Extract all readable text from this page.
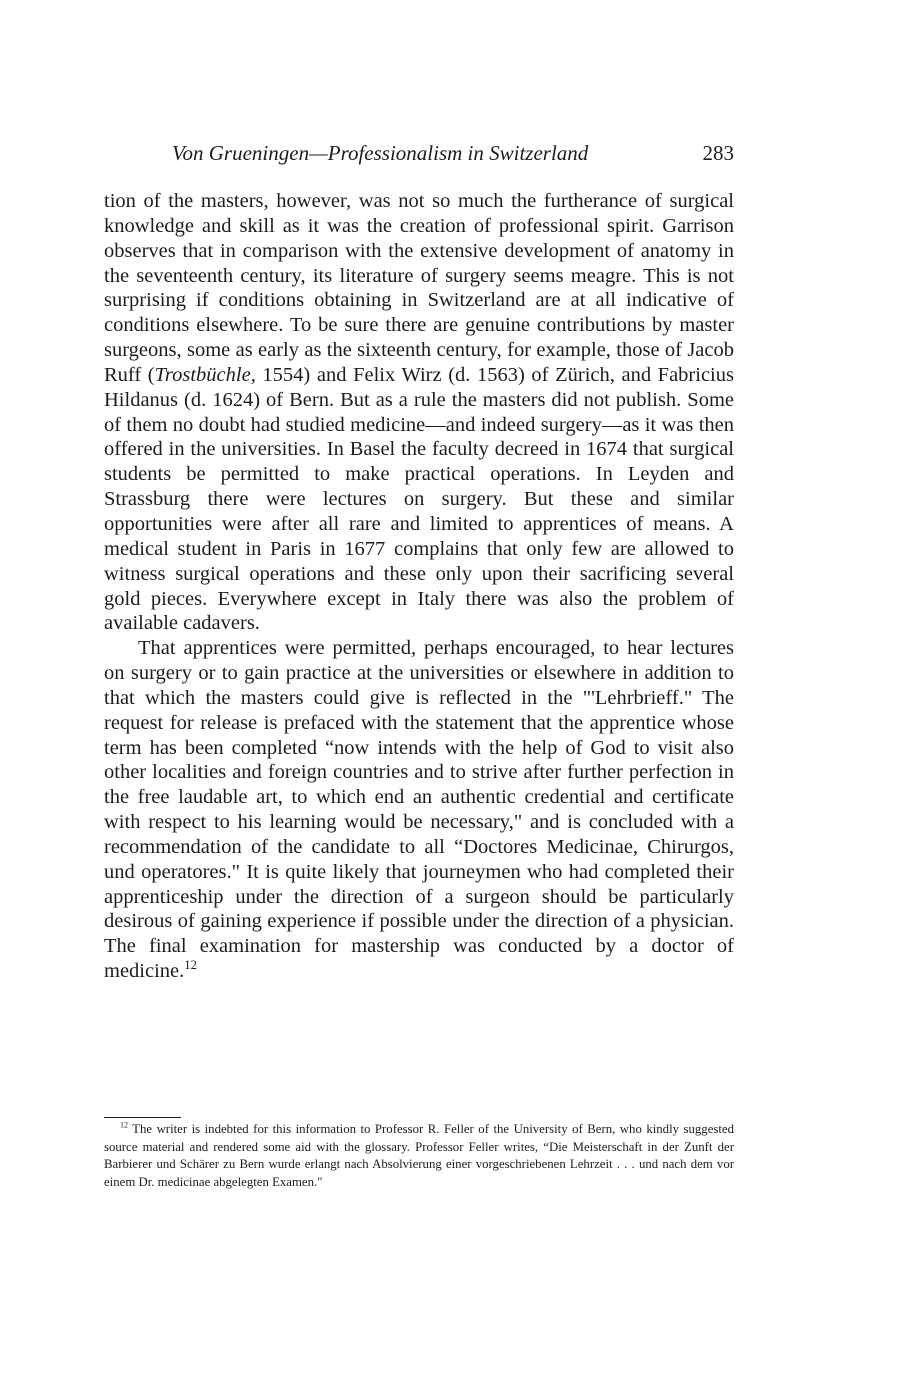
Von Grueningen—Professionalism in Switzerland	283

tion of the masters, however, was not so much the furtherance of surgical knowledge and skill as it was the creation of professional spirit. Garrison observes that in comparison with the extensive development of anatomy in the seventeenth century, its literature of surgery seems meagre. This is not surprising if conditions obtaining in Switzerland are at all indicative of conditions elsewhere. To be sure there are genuine contributions by master surgeons, some as early as the sixteenth century, for example, those of Jacob Ruff (Trostbüchle, 1554) and Felix Wirz (d. 1563) of Zürich, and Fabricius Hildanus (d. 1624) of Bern. But as a rule the masters did not publish. Some of them no doubt had studied medicine—and indeed surgery—as it was then offered in the universities. In Basel the faculty decreed in 1674 that surgical students be permitted to make practical operations. In Leyden and Strassburg there were lectures on surgery. But these and similar opportunities were after all rare and limited to apprentices of means. A medical student in Paris in 1677 complains that only few are allowed to witness surgical operations and these only upon their sacrificing several gold pieces. Everywhere except in Italy there was also the problem of available cadavers.

That apprentices were permitted, perhaps encouraged, to hear lectures on surgery or to gain practice at the universities or elsewhere in addition to that which the masters could give is reflected in the "'Lehrbrieff." The request for release is prefaced with the statement that the apprentice whose term has been completed “now intends with the help of God to visit also other localities and foreign countries and to strive after further perfection in the free laudable art, to which end an authentic credential and certificate with respect to his learning would be necessary," and is concluded with a recommendation of the candidate to all “Doctores Medicinae, Chirurgos, und operatores." It is quite likely that journeymen who had completed their apprenticeship under the direction of a surgeon should be particularly desirous of gaining experience if possible under the direction of a physician. The final examination for mastership was conducted by a doctor of medicine.$^{12}$

$^{12}$ The writer is indebted for this information to Professor R. Feller of the University of Bern, who kindly suggested source material and rendered some aid with the glossary. Professor Feller writes, “Die Meisterschaft in der Zunft der Barbierer und Schärer zu Bern wurde erlangt nach Absolvierung einer vorgeschriebenen Lehrzeit . . . und nach dem vor einem Dr. medicinae abgelegten Examen."
